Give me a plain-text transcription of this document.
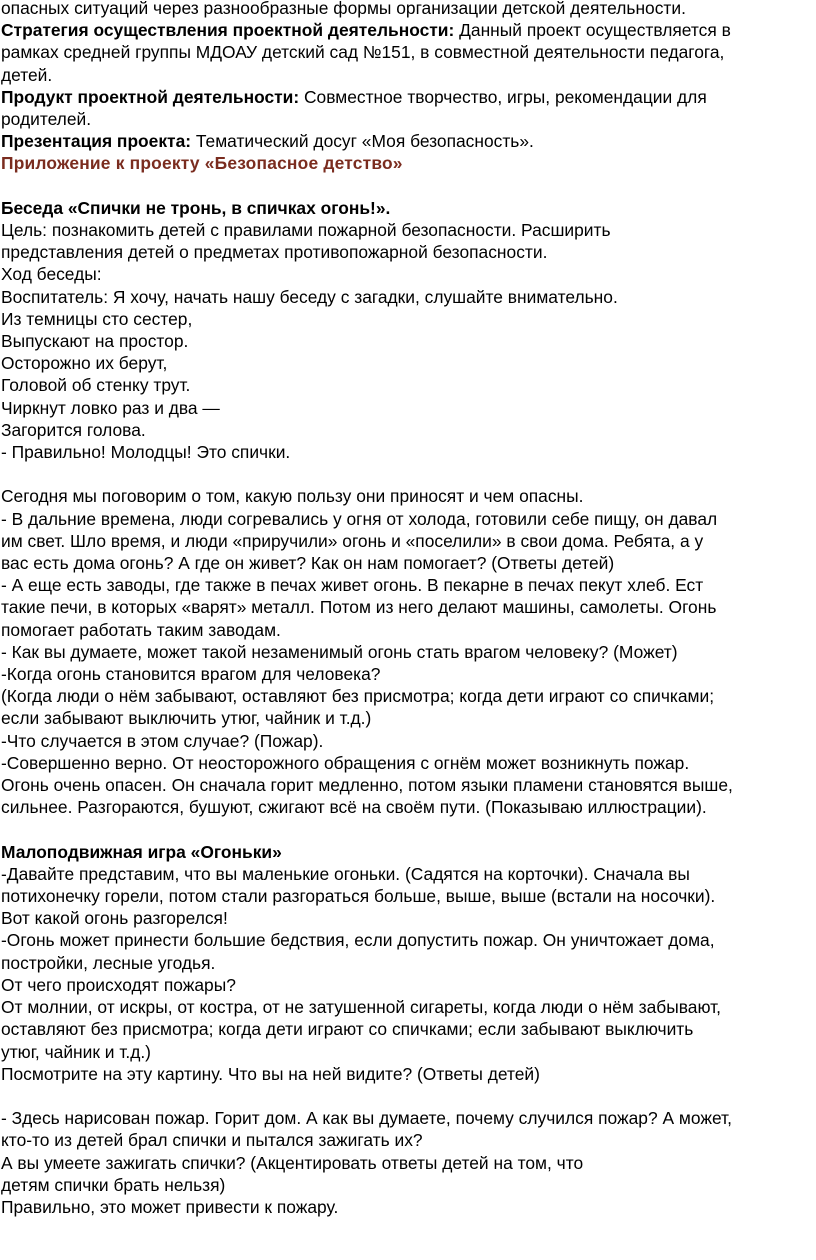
опасных ситуаций через разнообразные формы организации детской деятельности.
Стратегия осуществления проектной деятельности: Данный проект осуществляется в
рамках средней группы МДОАУ детский сад №151, в совместной деятельности педагога,
детей.
Продукт проектной деятельности: Совместное творчество, игры, рекомендации для
родителей.
Презентация проекта: Тематический досуг «Моя безопасность».
Приложение к проекту «Безопасное детство»
Беседа «Спички не тронь, в спичках огонь!».
Цель: познакомить детей с правилами пожарной безопасности. Расширить
представления детей о предметах противопожарной безопасности.
Ход беседы:
Воспитатель: Я хочу, начать нашу беседу с загадки, слушайте внимательно.
Из темницы сто сестер,
Выпускают на простор.
Осторожно их берут,
Головой об стенку трут.
Чиркнут ловко раз и два —
Загорится голова.
- Правильно! Молодцы! Это спички.
Сегодня мы поговорим о том, какую пользу они приносят и чем опасны.
- В дальние времена, люди согревались у огня от холода, готовили себе пищу, он давал
им свет. Шло время, и люди «приручили» огонь и «поселили» в свои дома. Ребята, а у
вас есть дома огонь? А где он живет? Как он нам помогает? (Ответы детей)
- А еще есть заводы, где также в печах живет огонь. В пекарне в печах пекут хлеб. Ест
такие печи, в которых «варят» металл. Потом из него делают машины, самолеты. Огонь
помогает работать таким заводам.
- Как вы думаете, может такой незаменимый огонь стать врагом человеку? (Может)
-Когда огонь становится врагом для человека?
(Когда люди о нём забывают, оставляют без присмотра; когда дети играют со спичками;
если забывают выключить утюг, чайник и т.д.)
-Что случается в этом случае? (Пожар).
-Совершенно верно. От неосторожного обращения с огнём может возникнуть пожар.
Огонь очень опасен. Он сначала горит медленно, потом языки пламени становятся выше,
сильнее. Разгораются, бушуют, сжигают всё на своём пути. (Показываю иллюстрации).
Малоподвижная игра «Огоньки»
-Давайте представим, что вы маленькие огоньки. (Садятся на корточки). Сначала вы
потихонечку горели, потом стали разгораться больше, выше, выше (встали на носочки).
Вот какой огонь разгорелся!
-Огонь может принести большие бедствия, если допустить пожар. Он уничтожает дома,
постройки, лесные угодья.
От чего происходят пожары?
От молнии, от искры, от костра, от не затушенной сигареты, когда люди о нём забывают,
оставляют без присмотра; когда дети играют со спичками; если забывают выключить
утюг, чайник и т.д.)
Посмотрите на эту картину. Что вы на ней видите? (Ответы детей)
- Здесь нарисован пожар. Горит дом. А как вы думаете, почему случился пожар? А может,
кто-то из детей брал спички и пытался зажигать их?
А вы умеете зажигать спички? (Акцентировать ответы детей на том, что
детям спички брать нельзя)
Правильно, это может привести к пожару.
